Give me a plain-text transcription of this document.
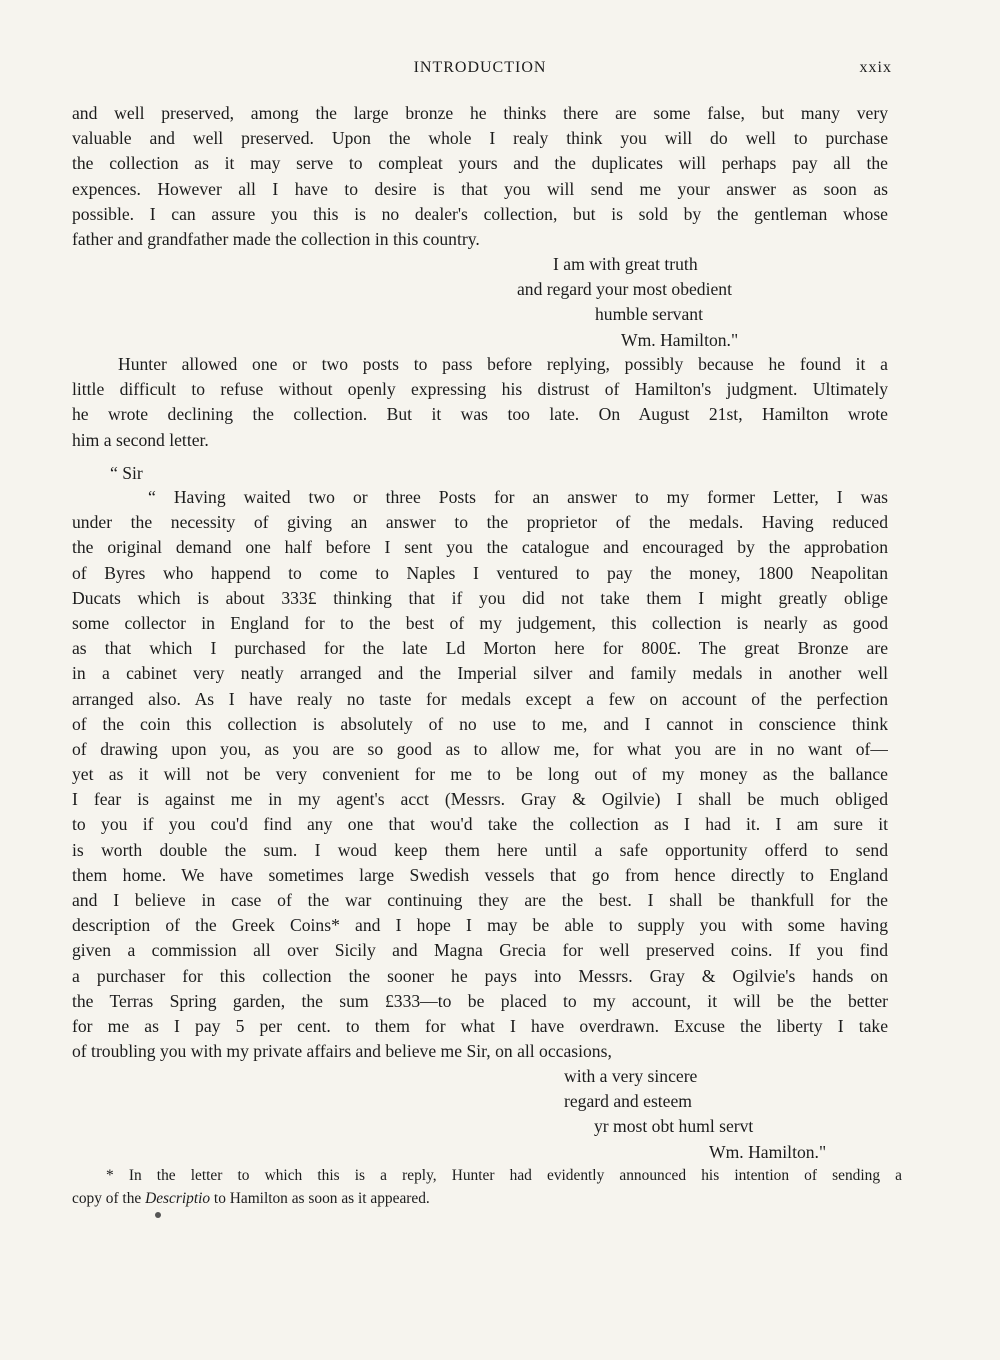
INTRODUCTION	xxix
and well preserved, among the large bronze he thinks there are some false, but many very
valuable and well preserved. Upon the whole I realy think you will do well to purchase
the collection as it may serve to compleat yours and the duplicates will perhaps pay all the
expences. However all I have to desire is that you will send me your answer as soon as
possible. I can assure you this is no dealer's collection, but is sold by the gentleman whose
father and grandfather made the collection in this country.
I am with great truth
and regard your most obedient
humble servant
Wm. Hamilton."
Hunter allowed one or two posts to pass before replying, possibly because he found it a
little difficult to refuse without openly expressing his distrust of Hamilton's judgment. Ultimately
he wrote declining the collection. But it was too late. On August 21st, Hamilton wrote
him a second letter.
“ Sir
“ Having waited two or three Posts for an answer to my former Letter, I was
under the necessity of giving an answer to the proprietor of the medals. Having reduced
the original demand one half before I sent you the catalogue and encouraged by the approbation
of Byres who happend to come to Naples I ventured to pay the money, 1800 Neapolitan
Ducats which is about 333£ thinking that if you did not take them I might greatly oblige
some collector in England for to the best of my judgement, this collection is nearly as good
as that which I purchased for the late Ld Morton here for 800£. The great Bronze are
in a cabinet very neatly arranged and the Imperial silver and family medals in another well
arranged also. As I have realy no taste for medals except a few on account of the perfection
of the coin this collection is absolutely of no use to me, and I cannot in conscience think
of drawing upon you, as you are so good as to allow me, for what you are in no want of—
yet as it will not be very convenient for me to be long out of my money as the ballance
I fear is against me in my agent's acct (Messrs. Gray & Ogilvie) I shall be much obliged
to you if you cou'd find any one that wou'd take the collection as I had it. I am sure it
is worth double the sum. I woud keep them here until a safe opportunity offerd to send
them home. We have sometimes large Swedish vessels that go from hence directly to England
and I believe in case of the war continuing they are the best. I shall be thankfull for the
description of the Greek Coins* and I hope I may be able to supply you with some having
given a commission all over Sicily and Magna Grecia for well preserved coins. If you find
a purchaser for this collection the sooner he pays into Messrs. Gray & Ogilvie's hands on
the Terras Spring garden, the sum £333—to be placed to my account, it will be the better
for me as I pay 5 per cent. to them for what I have overdrawn. Excuse the liberty I take
of troubling you with my private affairs and believe me Sir, on all occasions,
with a very sincere
regard and esteem
yr most obt huml servt
Wm. Hamilton."
* In the letter to which this is a reply, Hunter had evidently announced his intention of sending a
copy of the Descriptio to Hamilton as soon as it appeared.
